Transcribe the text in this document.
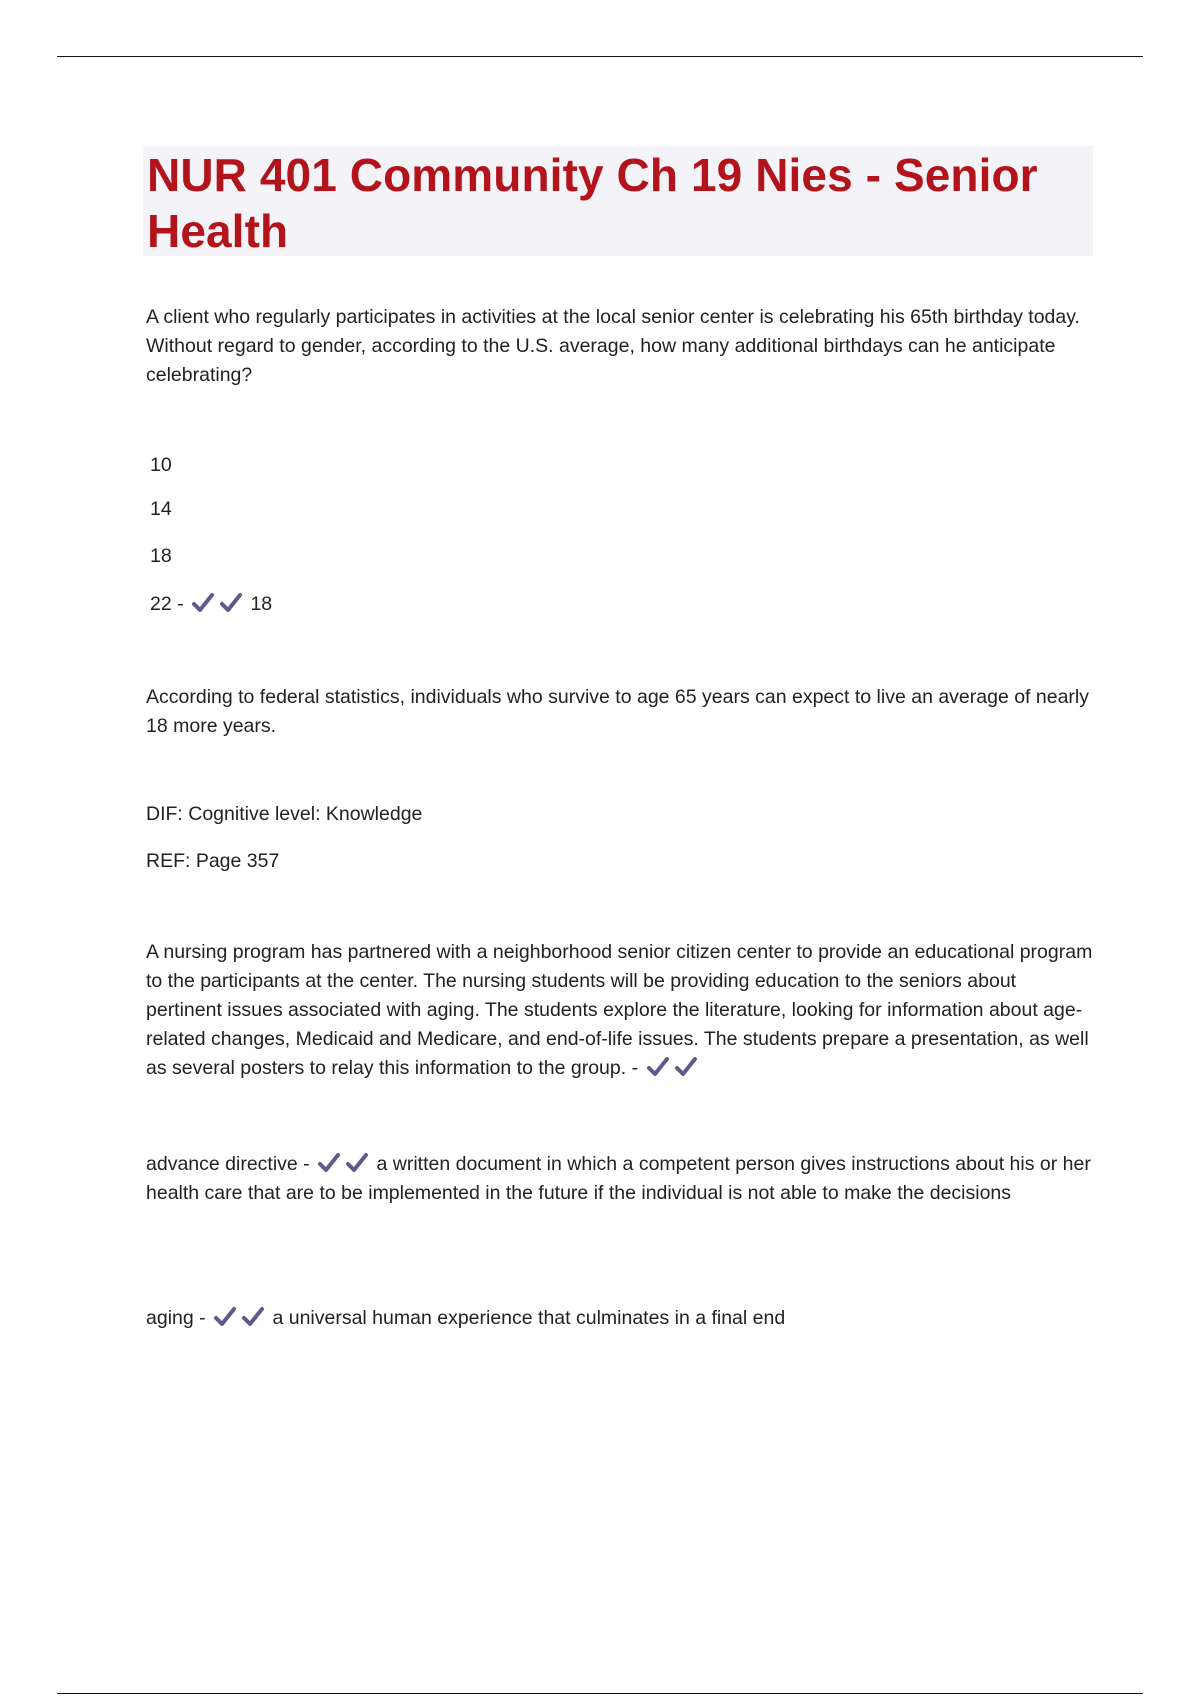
NUR 401 Community Ch 19 Nies - Senior Health

A client who regularly participates in activities at the local senior center is celebrating his 65th birthday today. Without regard to gender, according to the U.S. average, how many additional birthdays can he anticipate celebrating?

10

14

18

22 -	18

According to federal statistics, individuals who survive to age 65 years can expect to live an average of nearly 18 more years.

DIF: Cognitive level: Knowledge

REF: Page 357

A nursing program has partnered with a neighborhood senior citizen center to provide an educational program to the participants at the center. The nursing students will be providing education to the seniors about pertinent issues associated with aging. The students explore the literature, looking for information about age-related changes, Medicaid and Medicare, and end-of-life issues. The students prepare a presentation, as well as several posters to relay this information to the group. -

advance directive -	a written document in which a competent person gives instructions about his or her health care that are to be implemented in the future if the individual is not able to make the decisions

aging -	a universal human experience that culminates in a final end
